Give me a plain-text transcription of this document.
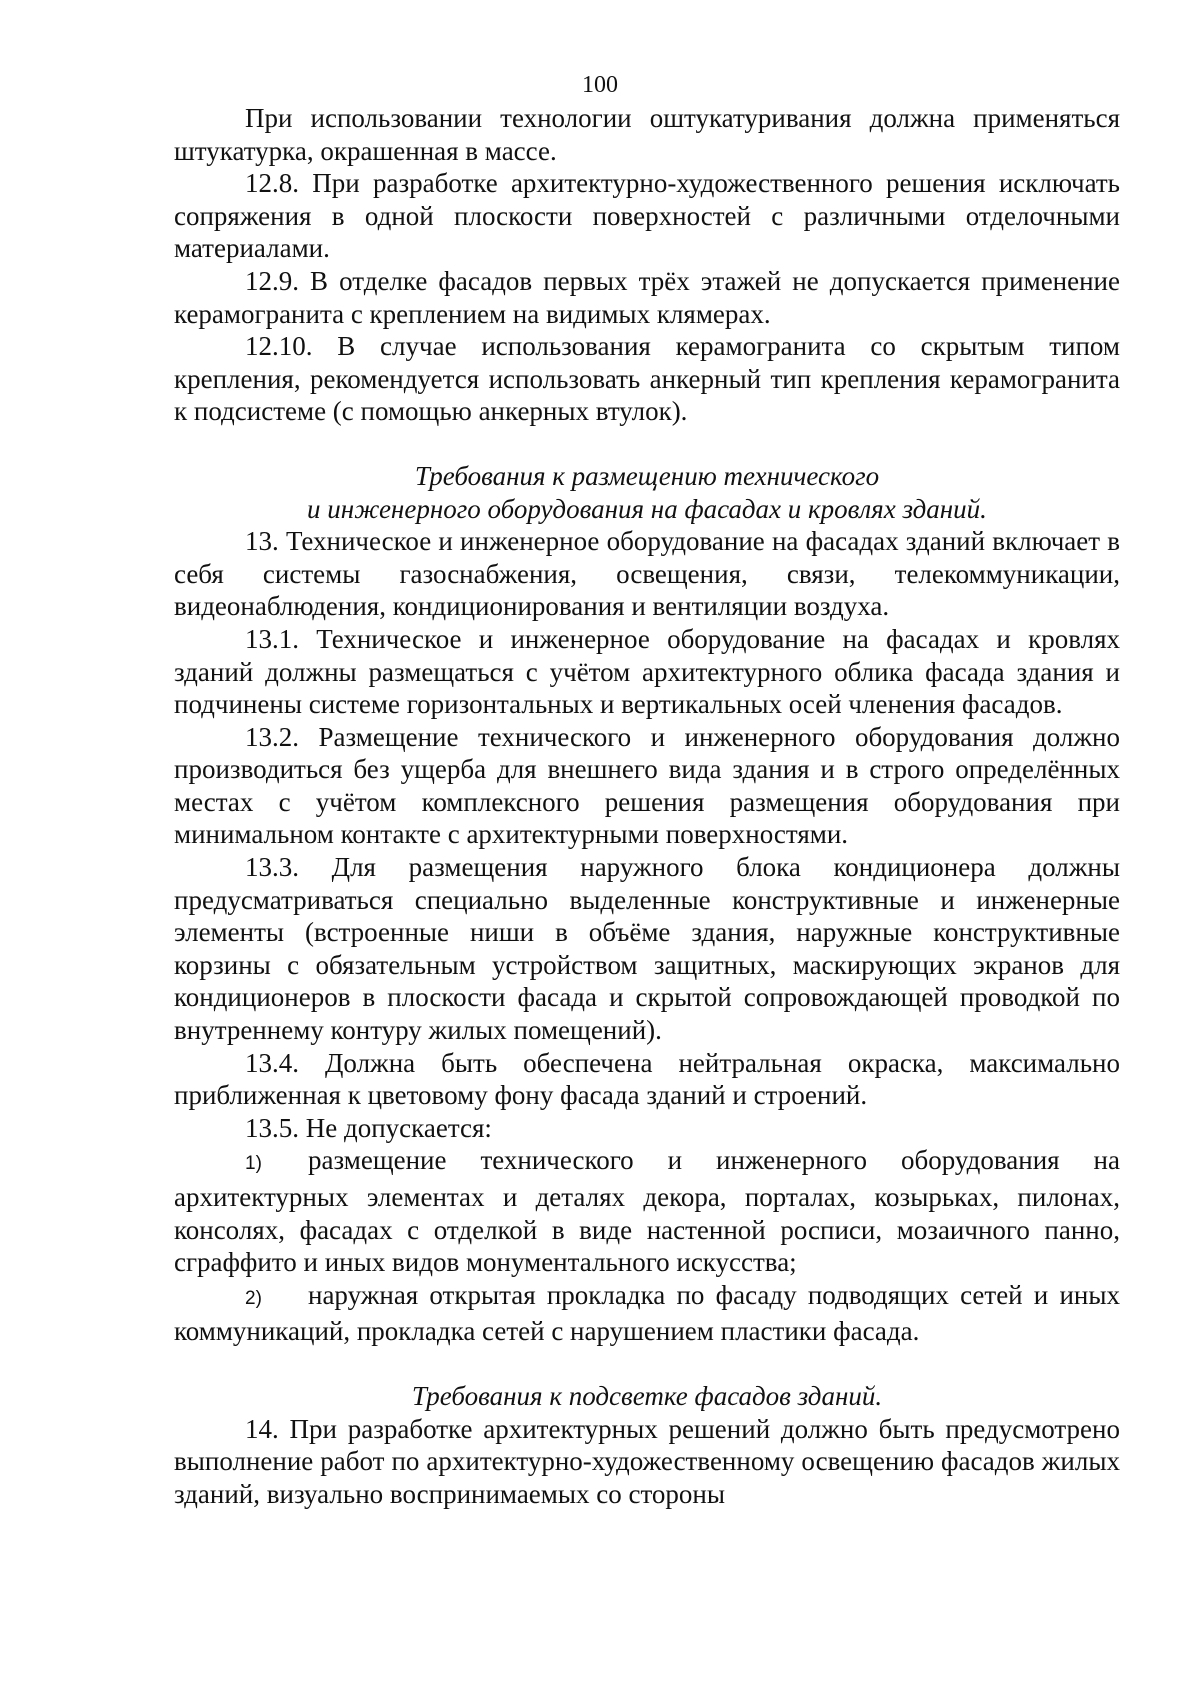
100

При использовании технологии оштукатуривания должна применяться штукатурка, окрашенная в массе.

12.8. При разработке архитектурно-художественного решения исключать сопряжения в одной плоскости поверхностей с различными отделочными материалами.

12.9. В отделке фасадов первых трёх этажей не допускается применение керамогранита с креплением на видимых клямерах.

12.10. В случае использования керамогранита со скрытым типом крепления, рекомендуется использовать анкерный тип крепления керамогранита к подсистеме (с помощью анкерных втулок).

Требования к размещению технического

и инженерного оборудования на фасадах и кровлях зданий.

13. Техническое и инженерное оборудование на фасадах зданий включает в себя системы газоснабжения, освещения, связи, телекоммуникации, видеонаблюдения, кондиционирования и вентиляции воздуха.

13.1. Техническое и инженерное оборудование на фасадах и кровлях зданий должны размещаться с учётом архитектурного облика фасада здания и подчинены системе горизонтальных и вертикальных осей членения фасадов.

13.2. Размещение технического и инженерного оборудования должно производиться без ущерба для внешнего вида здания и в строго определённых местах с учётом комплексного решения размещения оборудования при минимальном контакте с архитектурными поверхностями.

13.3. Для размещения наружного блока кондиционера должны предусматриваться специально выделенные конструктивные и инженерные элементы (встроенные ниши в объёме здания, наружные конструктивные корзины с обязательным устройством защитных, маскирующих экранов для кондиционеров в плоскости фасада и скрытой сопровождающей проводкой по внутреннему контуру жилых помещений).

13.4. Должна быть обеспечена нейтральная окраска, максимально приближенная к цветовому фону фасада зданий и строений.

13.5. Не допускается:

1) размещение технического и инженерного оборудования на архитектурных элементах и деталях декора, порталах, козырьках, пилонах, консолях, фасадах с отделкой в виде настенной росписи, мозаичного панно, сграффито и иных видов монументального искусства;

2) наружная открытая прокладка по фасаду подводящих сетей и иных коммуникаций, прокладка сетей с нарушением пластики фасада.

Требования к подсветке фасадов зданий.

14. При разработке архитектурных решений должно быть предусмотрено выполнение работ по архитектурно-художественному освещению фасадов жилых зданий, визуально воспринимаемых со стороны
